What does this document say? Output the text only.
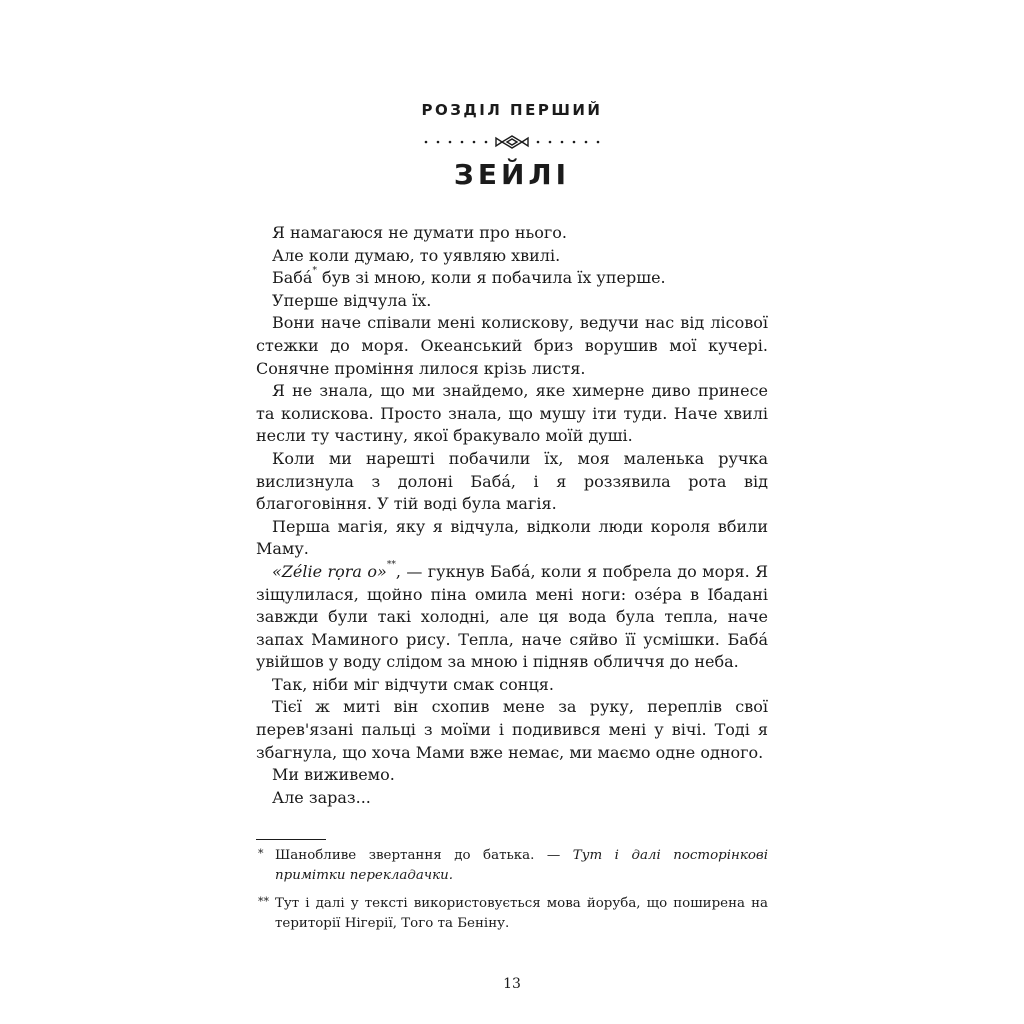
РОЗДІЛ ПЕРШИЙ
ЗЕЙЛІ

Я намагаюся не думати про нього.

Але коли думаю, то уявляю хвилі.

Бабá* був зі мною, коли я побачила їх уперше.

Уперше відчула їх.

Вони наче співали мені колискову, ведучи нас від лісової стежки до моря. Океанський бриз ворушив мої кучері. Сонячне проміння лилося крізь листя.

Я не знала, що ми знайдемо, яке химерне диво принесе та колискова. Просто знала, що мушу іти туди. Наче хвилі несли ту частину, якої бракувало моїй душі.

Коли ми нарешті побачили їх, моя маленька ручка вислизнула з долоні Бабá, і я роззявила рота від благоговіння. У тій воді була магія.

Перша магія, яку я відчула, відколи люди короля вбили Маму.

«Zélie rọra o»**, — гукнув Бабá, коли я побрела до моря. Я зіщулилася, щойно піна омила мені ноги: озéра в Ібадані завжди були такі холодні, але ця вода була тепла, наче запах Маминого рису. Тепла, наче сяйво її усмішки. Бабá увійшов у воду слідом за мною і підняв обличчя до неба.

Так, ніби міг відчути смак сонця.

Тієї ж миті він схопив мене за руку, переплів свої перев'язані пальці з моїми і подивився мені у вічі. Тоді я збагнула, що хоча Мами вже немає, ми маємо одне одного.

Ми виживемо.

Але зараз...

* Шанобливе звертання до батька. — Тут і далі посторінкові примітки перекладачки.
** Тут і далі у тексті використовується мова йоруба, що поширена на території Нігерії, Того та Беніну.
13
